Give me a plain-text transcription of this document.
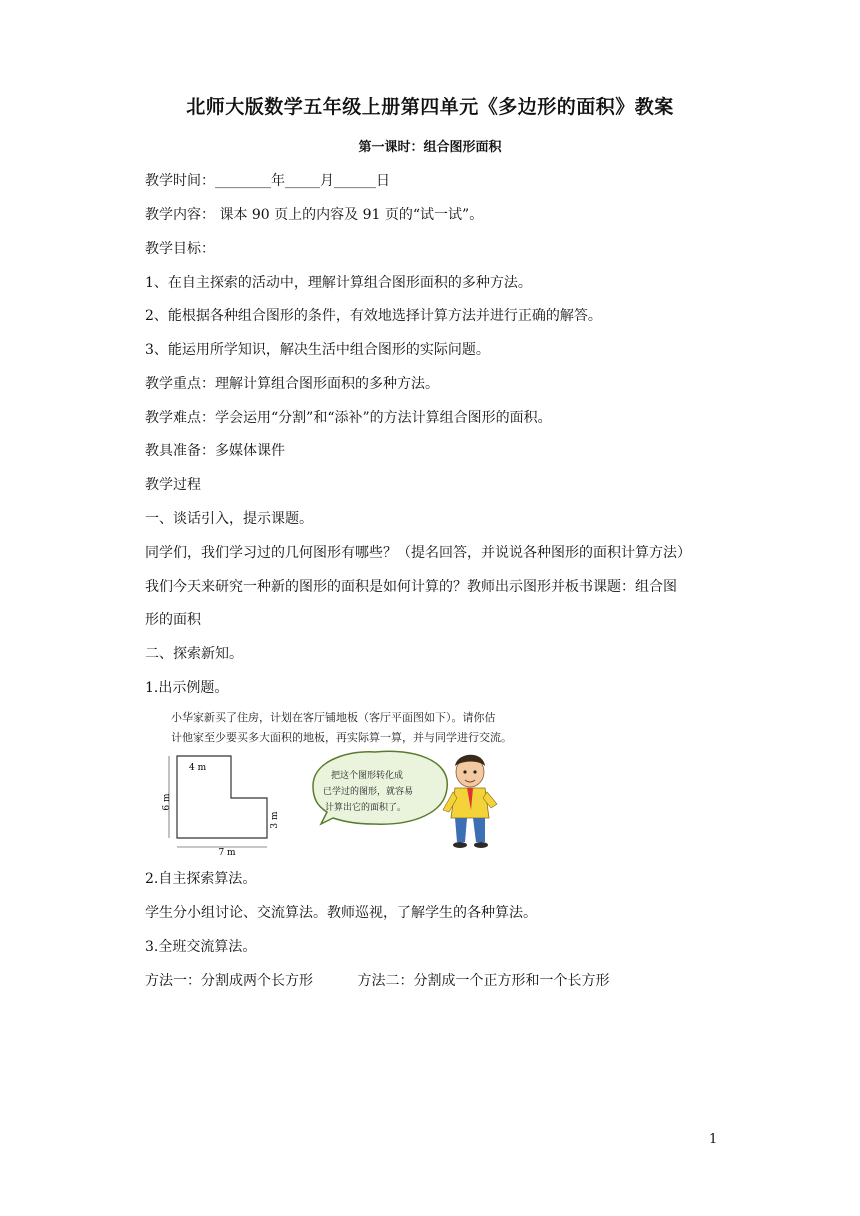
北师大版数学五年级上册第四单元《多边形的面积》教案
第一课时：组合图形面积
教学时间：________年_____月______日
教学内容： 课本 90 页上的内容及 91 页的“试一试”。
教学目标：
1、在自主探索的活动中，理解计算组合图形面积的多种方法。
2、能根据各种组合图形的条件，有效地选择计算方法并进行正确的解答。
3、能运用所学知识，解决生活中组合图形的实际问题。
教学重点：理解计算组合图形面积的多种方法。
教学难点：学会运用“分割”和“添补”的方法计算组合图形的面积。
教具准备：多媒体课件
教学过程
一、谈话引入，提示课题。
同学们，我们学习过的几何图形有哪些？（提名回答，并说说各种图形的面积计算方法）
我们今天来研究一种新的图形的面积是如何计算的？教师出示图形并板书课题：组合图
形的面积
二、探索新知。
1.出示例题。
小华家新买了住房，计划在客厅铺地板（客厅平面图如下）。请你估
计他家至少要买多大面积的地板，再实际算一算，并与同学进行交流。
4 m
6 m
3 m
7 m
把这个图形转化成
已学过的图形，就容易
计算出它的面积了。
2.自主探索算法。
学生分小组讨论、交流算法。教师巡视，了解学生的各种算法。
3.全班交流算法。
方法一：分割成两个长方形          方法二：分割成一个正方形和一个长方形
1
